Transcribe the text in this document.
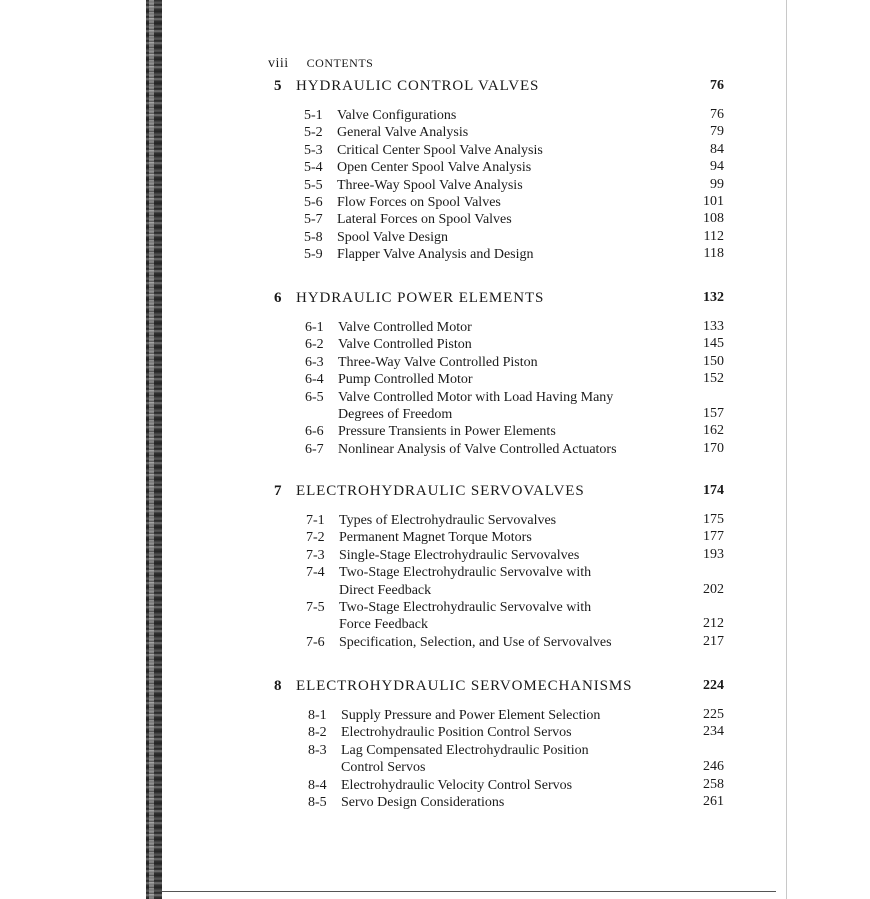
viii CONTENTS
5 HYDRAULIC CONTROL VALVES	76
5-1 Valve Configurations	76
5-2 General Valve Analysis	79
5-3 Critical Center Spool Valve Analysis	84
5-4 Open Center Spool Valve Analysis	94
5-5 Three-Way Spool Valve Analysis	99
5-6 Flow Forces on Spool Valves	101
5-7 Lateral Forces on Spool Valves	108
5-8 Spool Valve Design	112
5-9 Flapper Valve Analysis and Design	118
6 HYDRAULIC POWER ELEMENTS	132
6-1 Valve Controlled Motor	133
6-2 Valve Controlled Piston	145
6-3 Three-Way Valve Controlled Piston	150
6-4 Pump Controlled Motor	152
6-5 Valve Controlled Motor with Load Having Many
Degrees of Freedom	157
6-6 Pressure Transients in Power Elements	162
6-7 Nonlinear Analysis of Valve Controlled Actuators	170
7 ELECTROHYDRAULIC SERVOVALVES	174
7-1 Types of Electrohydraulic Servovalves	175
7-2 Permanent Magnet Torque Motors	177
7-3 Single-Stage Electrohydraulic Servovalves	193
7-4 Two-Stage Electrohydraulic Servovalve with
Direct Feedback	202
7-5 Two-Stage Electrohydraulic Servovalve with
Force Feedback	212
7-6 Specification, Selection, and Use of Servovalves	217
8 ELECTROHYDRAULIC SERVOMECHANISMS	224
8-1 Supply Pressure and Power Element Selection	225
8-2 Electrohydraulic Position Control Servos	234
8-3 Lag Compensated Electrohydraulic Position
Control Servos	246
8-4 Electrohydraulic Velocity Control Servos	258
8-5 Servo Design Considerations	261
